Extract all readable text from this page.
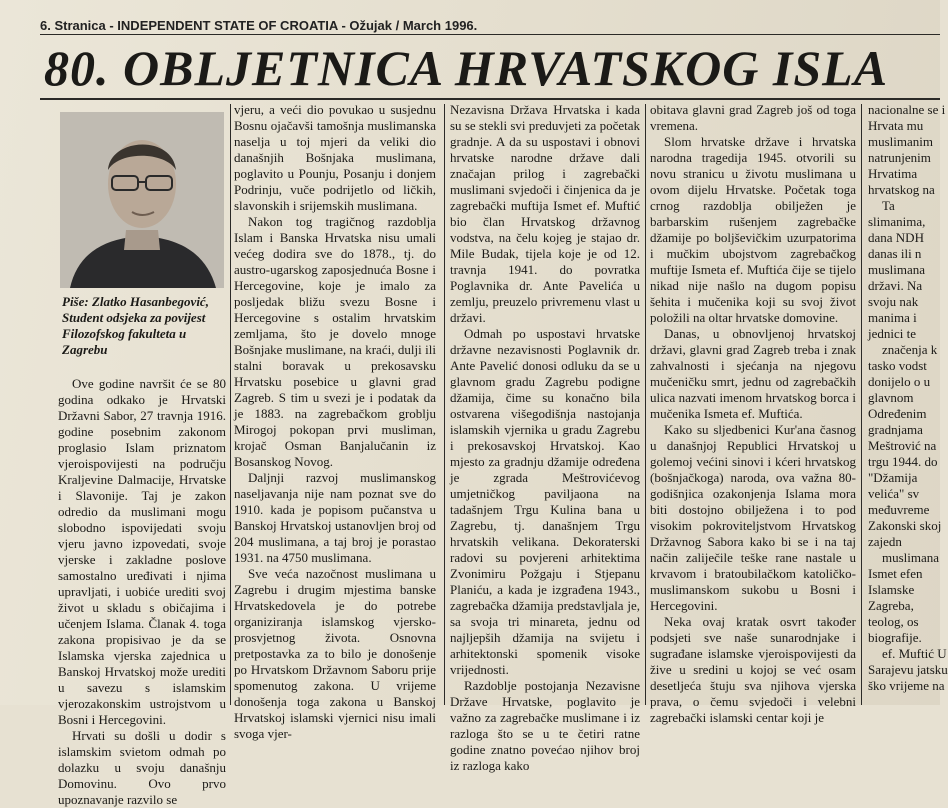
6. Stranica - INDEPENDENT STATE OF CROATIA - Ožujak / March 1996.
80. OBLJETNICA HRVATSKOG ISLA
Piše: Zlatko Hasanbegović, Student odsjeka za povijest Filozofskog fakulteta u Zagrebu

Ove godine navršit će se 80 godina odkako je Hrvatski Državni Sabor, 27 travnja 1916. godine posebnim zakonom proglasio Islam priznatom vjeroispovijesti na području Kraljevine Dalmacije, Hrvatske i Slavonije. Taj je zakon odredio da muslimani mogu slobodno ispovijedati svoju vjeru javno izpovedati, svoje vjerske i zakladne poslove samostalno uređivati i njima upravljati, i uobiće urediti svoj život u skladu s običajima i učenjem Islama. Članak 4. toga zakona propisivao je da se Islamska vjerska zajednica u Banskoj Hrvatskoj može urediti u savezu s islamskim vjerozakonskim ustrojstvom u Bosni i Hercegovini.

Hrvati su došli u dodir s islamskim svietom odmah po dolazku u svoju današnju Domovinu. Ovo prvo upoznavanje razvilo se

vjeru, a veći dio povukao u susjednu Bosnu ojačavši tamošnja muslimanska naselja u toj mjeri da veliki dio današnjih Bošnjaka muslimana, poglavito u Pounju, Posanju i donjem Podrinju, vuče podrijetlo od ličkih, slavonskih i srijemskih muslimana.

Nakon tog tragičnog razdoblja Islam i Banska Hrvatska nisu umali većeg dodira sve do 1878., tj. do austro-ugarskog zaposjednuća Bosne i Hercegovine, koje je imalo za posljedak bližu svezu Bosne i Hercegovine s ostalim hrvatskim zemljama, što je dovelo mnoge Bošnjake muslimane, na kraći, dulji ili stalni boravak u prekosavsku Hrvatsku posebice u glavni grad Zagreb. S tim u svezi je i podatak da je 1883. na zagrebačkom groblju Mirogoj pokopan prvi musliman, krojač Osman Banjalučanin iz Bosanskog Novog.

Daljnji razvoj muslimanskog naseljavanja nije nam poznat sve do 1910. kada je popisom pučanstva u Banskoj Hrvatskoj ustanovljen broj od 204 muslimana, a taj broj je porastao 1931. na 4750 muslimana.

Sve veća nazočnost muslimana u Zagrebu i drugim mjestima banske Hrvatskedovela je do potrebe organiziranja islamskog vjersko-prosvjetnog života. Osnovna pretpostavka za to bilo je donošenje po Hrvatskom Državnom Saboru prije spomenutog zakona. U vrijeme donošenja toga zakona u Banskoj Hrvatskoj islamski vjernici nisu imali svoga vjer-

Nezavisna Država Hrvatska i kada su se stekli svi preduvjeti za početak gradnje. A da su uspostavi i obnovi hrvatske narodne države dali značajan prilog i zagrebački muslimani svjedoči i činjenica da je zagrebački muftija Ismet ef. Muftić bio član Hrvatskog državnog vodstva, na čelu kojeg je stajao dr. Mile Budak, tijela koje je od 12. travnja 1941. do povratka Poglavnika dr. Ante Pavelića u zemlju, preuzelo privremenu vlast u državi.

Odmah po uspostavi hrvatske državne nezavisnosti Poglavnik dr. Ante Pavelić donosi odluku da se u glavnom gradu Zagrebu podigne džamija, čime su konačno bila ostvarena višegodišnja nastojanja islamskih vjernika u gradu Zagrebu i prekosavskoj Hrvatskoj. Kao mjesto za gradnju džamije određena je zgrada Meštrovićevog umjetničkog paviljaona na tadašnjem Trgu Kulina bana u Zagrebu, tj. današnjem Trgu hrvatskih velikana. Dekoraterski radovi su povjereni arhitektima Zvonimiru Požgaju i Stjepanu Planiću, a kada je izgrađena 1943., zagrebačka džamija predstavljala je, sa svoja tri minareta, jednu od najljepših džamija na svijetu i arhitektonski spomenik visoke vrijednosti.

Razdoblje postojanja Nezavisne Države Hrvatske, poglavito je važno za zagrebačke muslimane i iz razloga što se u te četiri ratne godine znatno povećao njihov broj iz razloga kako

obitava glavni grad Zagreb još od toga vremena.

Slom hrvatske države i hrvatska narodna tragedija 1945. otvorili su novu stranicu u životu muslimana u ovom dijelu Hrvatske. Početak toga crnog razdoblja obilježen je barbarskim rušenjem zagrebačke džamije po boljševičkim uzurpatorima i mučkim ubojstvom zagrebačkog muftije Ismeta ef. Muftića čije se tijelo nikad nije našlo na dugom popisu šehita i mučenika koji su svoj život položili na oltar hrvatske domovine.

Danas, u obnovljenoj hrvatskoj državi, glavni grad Zagreb treba i znak zahvalnosti i sjećanja na njegovu mučeničku smrt, jednu od zagrebačkih ulica nazvati imenom hrvatskog borca i mučenika Ismeta ef. Muftića.

Kako su sljedbenici Kur'ana časnog u današnjoj Republici Hrvatskoj u golemoj većini sinovi i kćeri hrvatskog (bošnjačkoga) naroda, ova važna 80-godišnjica ozakonjenja Islama mora biti dostojno obilježena i to pod visokim pokroviteljstvom Hrvatskog Državnog Sabora kako bi se i na taj način zaliječile teške rane nastale u krvavom i bratoubilačkom katoličko-muslimanskom sukobu u Bosni i Hercegovini.

Neka ovaj kratak osvrt također podsjeti sve naše sunarodnjake i sugrađane islamske vjeroispovijesti da žive u sredini u kojoj se već osam desetljeća štuju sva njihova vjerska prava, o čemu svjedoči i velebni zagrebački islamski centar koji je

nacionalne se i Hrvata mu muslimanim natrunjenim Hrvatima hrvatskog na

Ta slimanima, dana NDH danas ili n muslimana državi. Na svoju nak manima i jednici te

značenja k tasko vodst donijelo o u glavnom Određenim gradnjama Meštrović na trgu 1944. do "Džamija velića" sv međuvreme Zakonski skoj zajedn

muslimana Ismet efen Islamske Zagreba, teolog, os biografije.

ef. Muftić U Sarajevu jatsku ško vrijeme na
